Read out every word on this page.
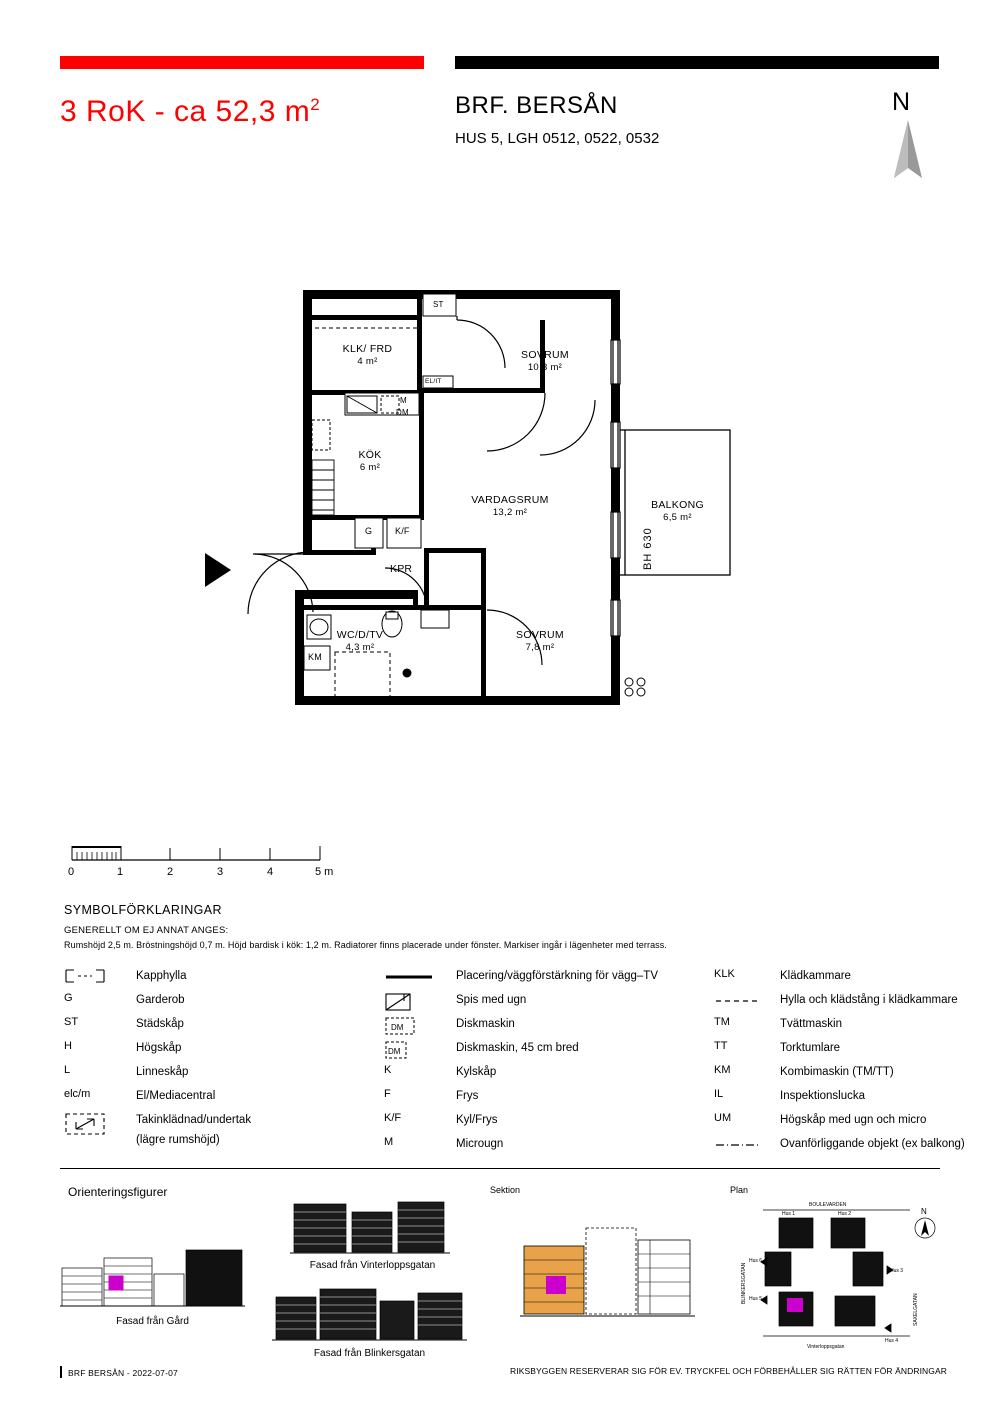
3 RoK - ca 52,3 $m^2$	BRF. BERSÅN
HUS 5, LGH 0512, 0522, 0532
N
KLK/ FRD
4 m²
SOVRUM
10,3 m²
KÖK
6 m²
VARDAGSRUM
13,2 m²
BALKONG
6,5 m²
WC/D/TV
4,3 m²
SOVRUM
7,8 m²
ST
EL/IT
M
DM
G	K/F
KM
KPR	BH 630
0	1	2	3	4	5 m
SYMBOLFÖRKLARINGAR
GENERELLT OM EJ ANNAT ANGES:
Rumshöjd 2,5 m. Bröstningshöjd 0,7 m. Höjd bardisk i kök: 1,2 m. Radiatorer finns placerade under fönster. Markiser ingår i lägenheter med terrass.
Kapphylla
G	Garderob
ST	Städskåp
H	Högskåp
L	Linneskåp
elc/m	El/Mediacentral
Takinklädnad/undertak
(lägre rumshöjd)
Placering/väggförstärkning för vägg–TV
Spis med ugn
DM	Diskmaskin
DM	Diskmaskin, 45 cm bred
K	Kylskåp
F	Frys
K/F	Kyl/Frys
M	Microugn
KLK	Klädkammare
Hylla och klädstång i klädkammare
TM	Tvättmaskin
TT	Torktumlare
KM	Kombimaskin (TM/TT)
IL	Inspektionslucka
UM	Högskåp med ugn och micro
Ovanförliggande objekt (ex balkong)
Orienteringsfigurer	Sektion	Plan
Fasad från Gård
Fasad från Vinterloppsgatan
Fasad från Blinkersgatan
BOULEVARDEN
Hus 1	Hus 2
Hus 3
Hus 4
Hus 5
Hus 6
Vinterloppsgatan
BLINKERSGATAN
SAXELGATAN
N
BRF BERSÅN - 2022-07-07	RIKSBYGGEN RESERVERAR SIG FÖR EV. TRYCKFEL OCH FÖRBEHÅLLER SIG RÄTTEN FÖR ÄNDRINGAR
